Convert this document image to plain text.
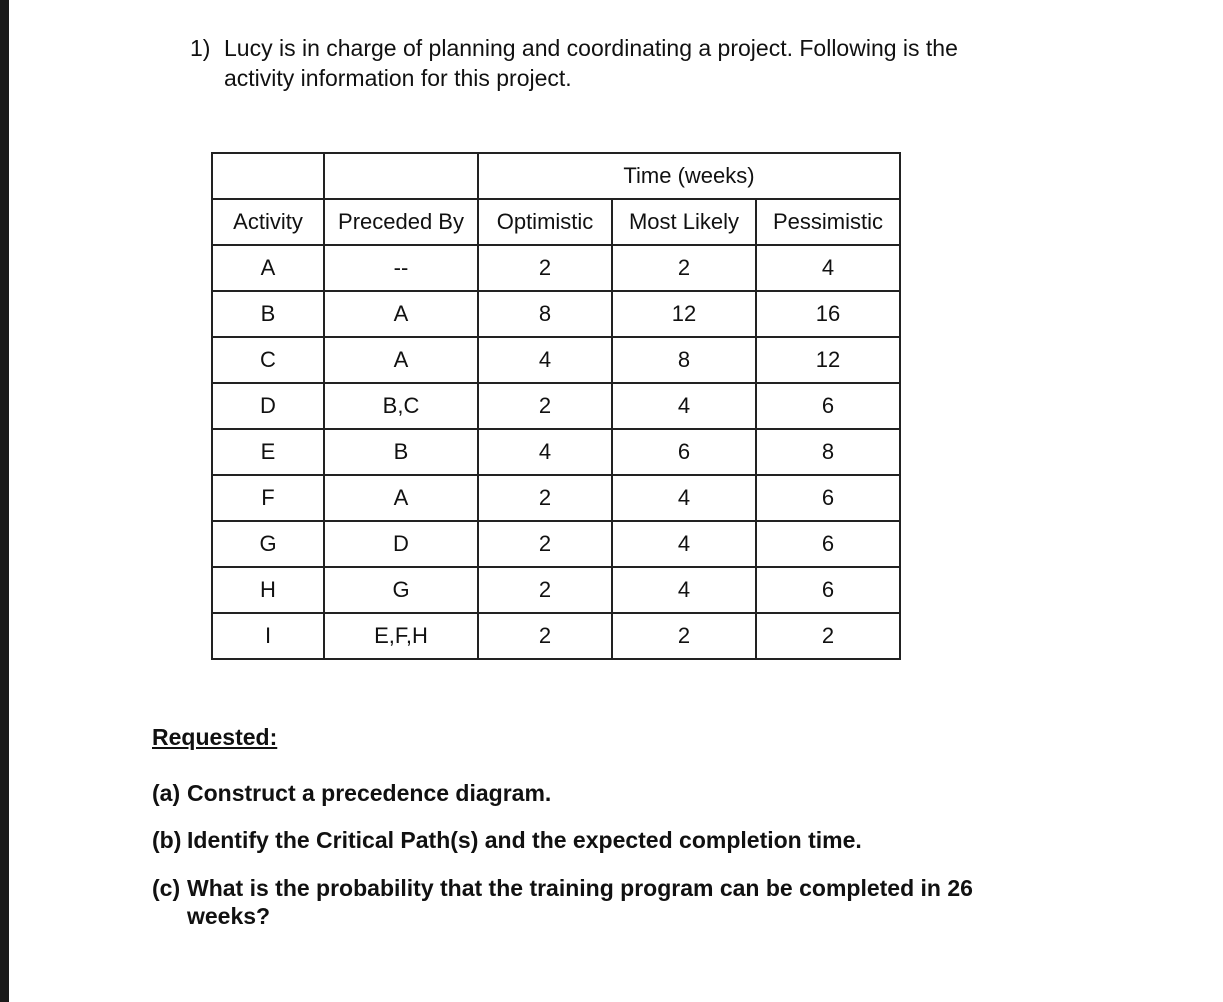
1) Lucy is in charge of planning and coordinating a project. Following is the activity information for this project.
		Time (weeks)		
Activity	Preceded By	Optimistic	Most Likely	Pessimistic
A	--	2	2	4
B	A	8	12	16
C	A	4	8	12
D	B,C	2	4	6
E	B	4	6	8
F	A	2	4	6
G	D	2	4	6
H	G	2	4	6
I	E,F,H	2	2	2
Requested:
(a) Construct a precedence diagram.
(b) Identify the Critical Path(s) and the expected completion time.
(c) What is the probability that the training program can be completed in 26 weeks?
